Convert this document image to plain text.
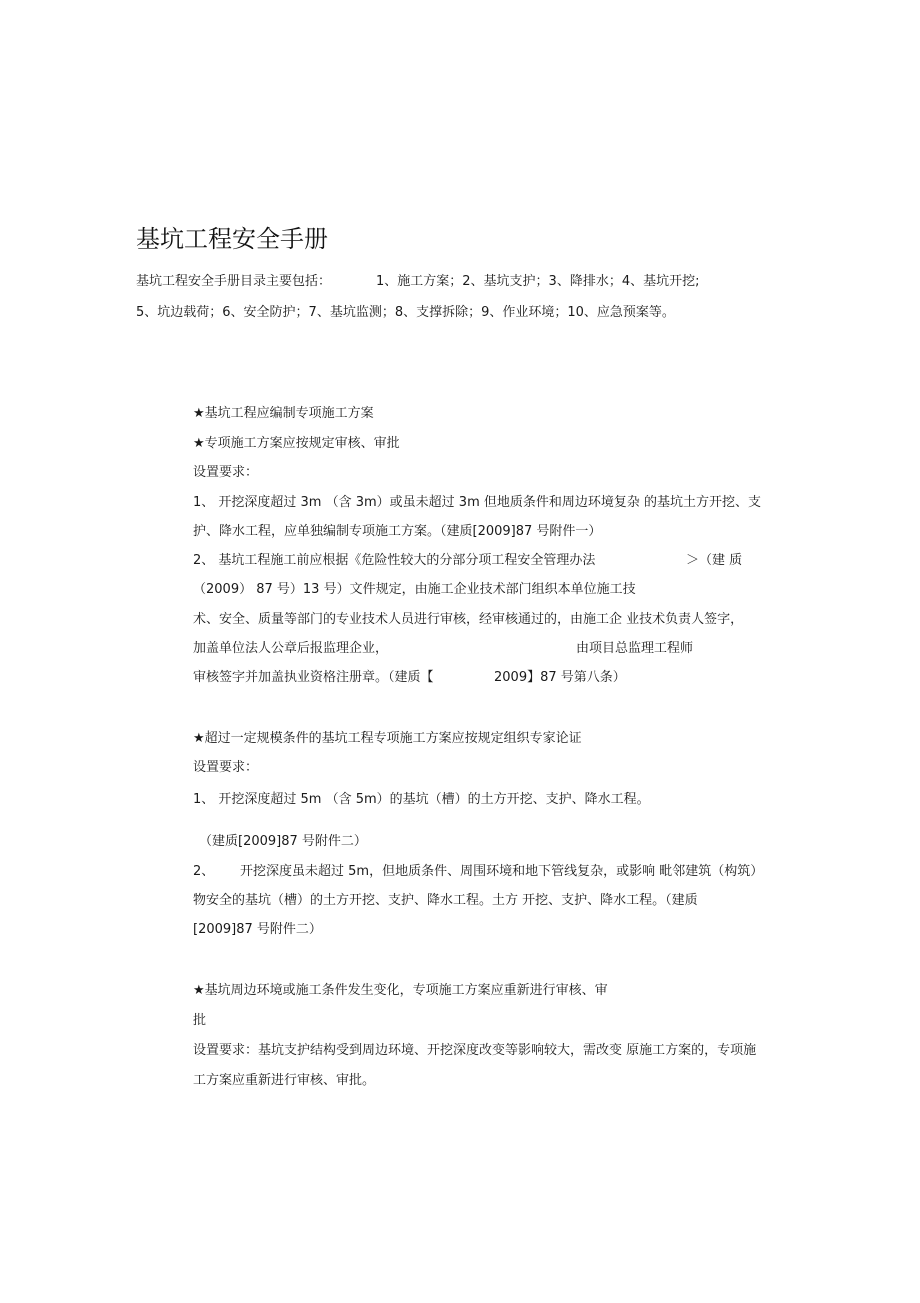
基坑工程安全手册
基坑工程安全手册目录主要包括：	1、施工方案；2、基坑支护；3、降排水；4、基坑开挖;
5、坑边载荷；6、安全防护；7、基坑监测；8、支撑拆除；9、作业环境；10、应急预案等。
★基坑工程应编制专项施工方案
★专项施工方案应按规定审核、审批
设置要求：
1、 开挖深度超过 3m （含 3m）或虽未超过 3m 但地质条件和周边环境复杂 的基坑土方开挖、支
护、降水工程，应单独编制专项施工方案。（建质[2009]87 号附件一）
2、 基坑工程施工前应根据《危险性较大的分部分项工程安全管理办法	＞（建 质
（2009） 87 号）13 号）文件规定，由施工企业技术部门组织本单位施工技
术、安全、质量等部门的专业技术人员进行审核，经审核通过的，由施工企 业技术负责人签字，
加盖单位法人公章后报监理企业，	由项目总监理工程师
审核签字并加盖执业资格注册章。（建质【	2009】87 号第八条）
★超过一定规模条件的基坑工程专项施工方案应按规定组织专家论证
设置要求：
1、 开挖深度超过 5m （含 5m）的基坑（槽）的土方开挖、支护、降水工程。
（建质[2009]87 号附件二）
2、 开挖深度虽未超过 5m，但地质条件、周围环境和地下管线复杂，或影响 毗邻建筑（构筑）
物安全的基坑（槽）的土方开挖、支护、降水工程。土方 开挖、支护、降水工程。（建质
[2009]87 号附件二）
★基坑周边环境或施工条件发生变化，专项施工方案应重新进行审核、审
批
设置要求：基坑支护结构受到周边环境、开挖深度改变等影响较大，需改变 原施工方案的，专项施
工方案应重新进行审核、审批。
